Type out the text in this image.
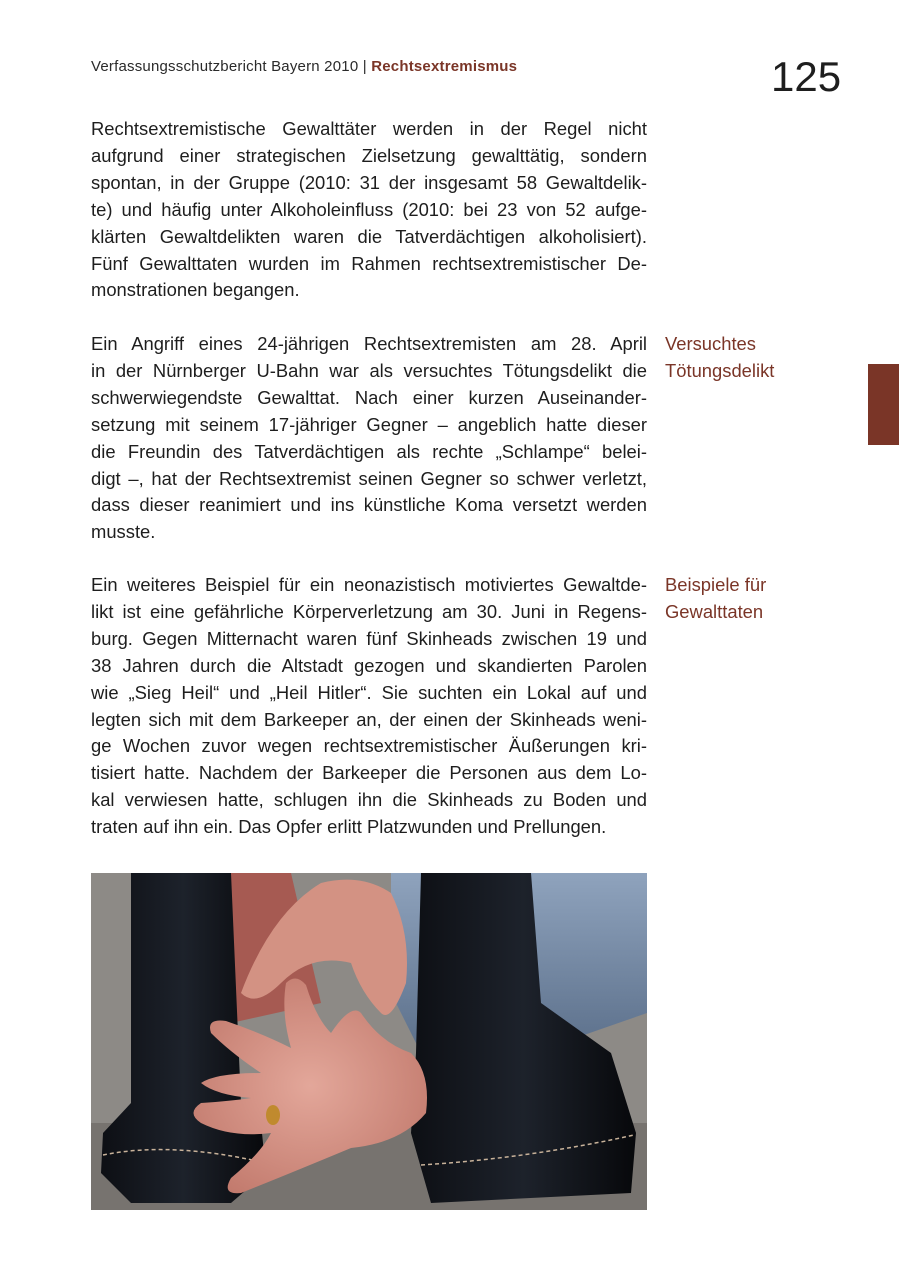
Verfassungsschutzbericht Bayern 2010 | Rechtsextremismus	125
Rechtsextremistische Gewalttäter werden in der Regel nicht
aufgrund einer strategischen Zielsetzung gewalttätig, sondern
spontan, in der Gruppe (2010: 31 der insgesamt 58 Gewaltdelik-
te) und häufig unter Alkoholeinfluss (2010: bei 23 von 52 aufge-
klärten Gewaltdelikten waren die Tatverdächtigen alkoholisiert).
Fünf Gewalttaten wurden im Rahmen rechtsextremistischer De-
monstrationen begangen.
Ein Angriff eines 24-jährigen Rechtsextremisten am 28. April
in der Nürnberger U-Bahn war als versuchtes Tötungsdelikt die
schwerwiegendste Gewalttat. Nach einer kurzen Auseinander-
setzung mit seinem 17-jähriger Gegner – angeblich hatte dieser
die Freundin des Tatverdächtigen als rechte „Schlampe“ belei-
digt –, hat der Rechtsextremist seinen Gegner so schwer verletzt,
dass dieser reanimiert und ins künstliche Koma versetzt werden
musste.
Versuchtes
Tötungsdelikt
Ein weiteres Beispiel für ein neonazistisch motiviertes Gewaltde-
likt ist eine gefährliche Körperverletzung am 30. Juni in Regens-
burg. Gegen Mitternacht waren fünf Skinheads zwischen 19 und
38 Jahren durch die Altstadt gezogen und skandierten Parolen
wie „Sieg Heil“ und „Heil Hitler“. Sie suchten ein Lokal auf und
legten sich mit dem Barkeeper an, der einen der Skinheads weni-
ge Wochen zuvor wegen rechtsextremistischer Äußerungen kri-
tisiert hatte. Nachdem der Barkeeper die Personen aus dem Lo-
kal verwiesen hatte, schlugen ihn die Skinheads zu Boden und
traten auf ihn ein. Das Opfer erlitt Platzwunden und Prellungen.
Beispiele für
Gewalttaten
